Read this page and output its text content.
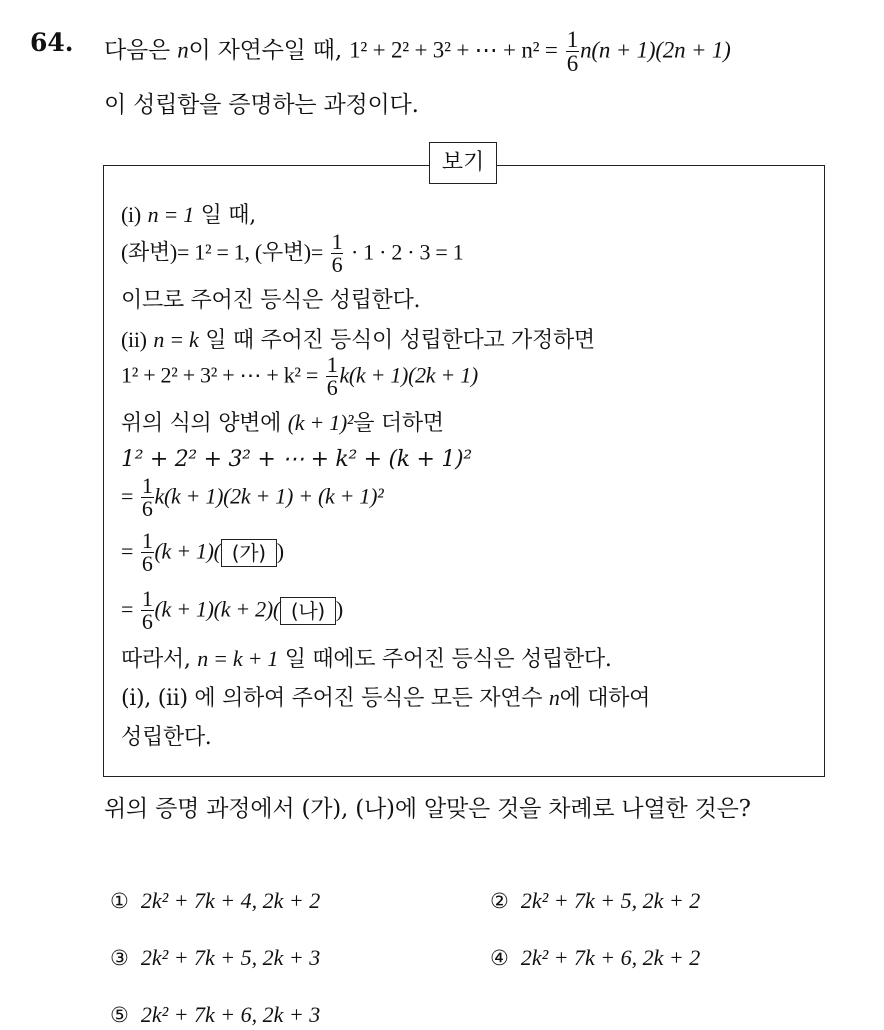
64. 다음은 n이 자연수일 때, 1² + 2² + 3² + ⋯ + $n^2 = \frac{1}{6} n(n + 1)(2n + 1)$
이 성립함을 증명하는 과정이다.
보기
(i) n = 1 일 때,
(좌변)= 1² = 1, (우변)= $\frac{1}{6} \cdot 1 \cdot 2 \cdot 3 = 1$
이므로 주어진 등식은 성립한다.
(ii) n = k 일 때 주어진 등식이 성립한다고 가정하면
1² + 2² + 3² + ⋯ + $k^2 = \frac{1}{6} k(k + 1)(2k + 1)$
위의 식의 양변에 (k + 1)²을 더하면
1² + 2² + 3² + ⋯ + k² + (k + 1)²
= $\frac{1}{6} k(k + 1)(2k + 1) + (k + 1)^2$
= $\frac{1}{6} (k + 1)$( (가) )
= $\frac{1}{6} (k + 1)(k + 2)$( (나) )
따라서, n = k + 1 일 때에도 주어진 등식은 성립한다.
(i), (ii) 에 의하여 주어진 등식은 모든 자연수 n에 대하여
성립한다.
위의 증명 과정에서 (가), (나)에 알맞은 것을 차례로 나열한 것은?
① 2k² + 7k + 4, 2k + 2	② 2k² + 7k + 5, 2k + 2
③ 2k² + 7k + 5, 2k + 3	④ 2k² + 7k + 6, 2k + 2
⑤ 2k² + 7k + 6, 2k + 3
